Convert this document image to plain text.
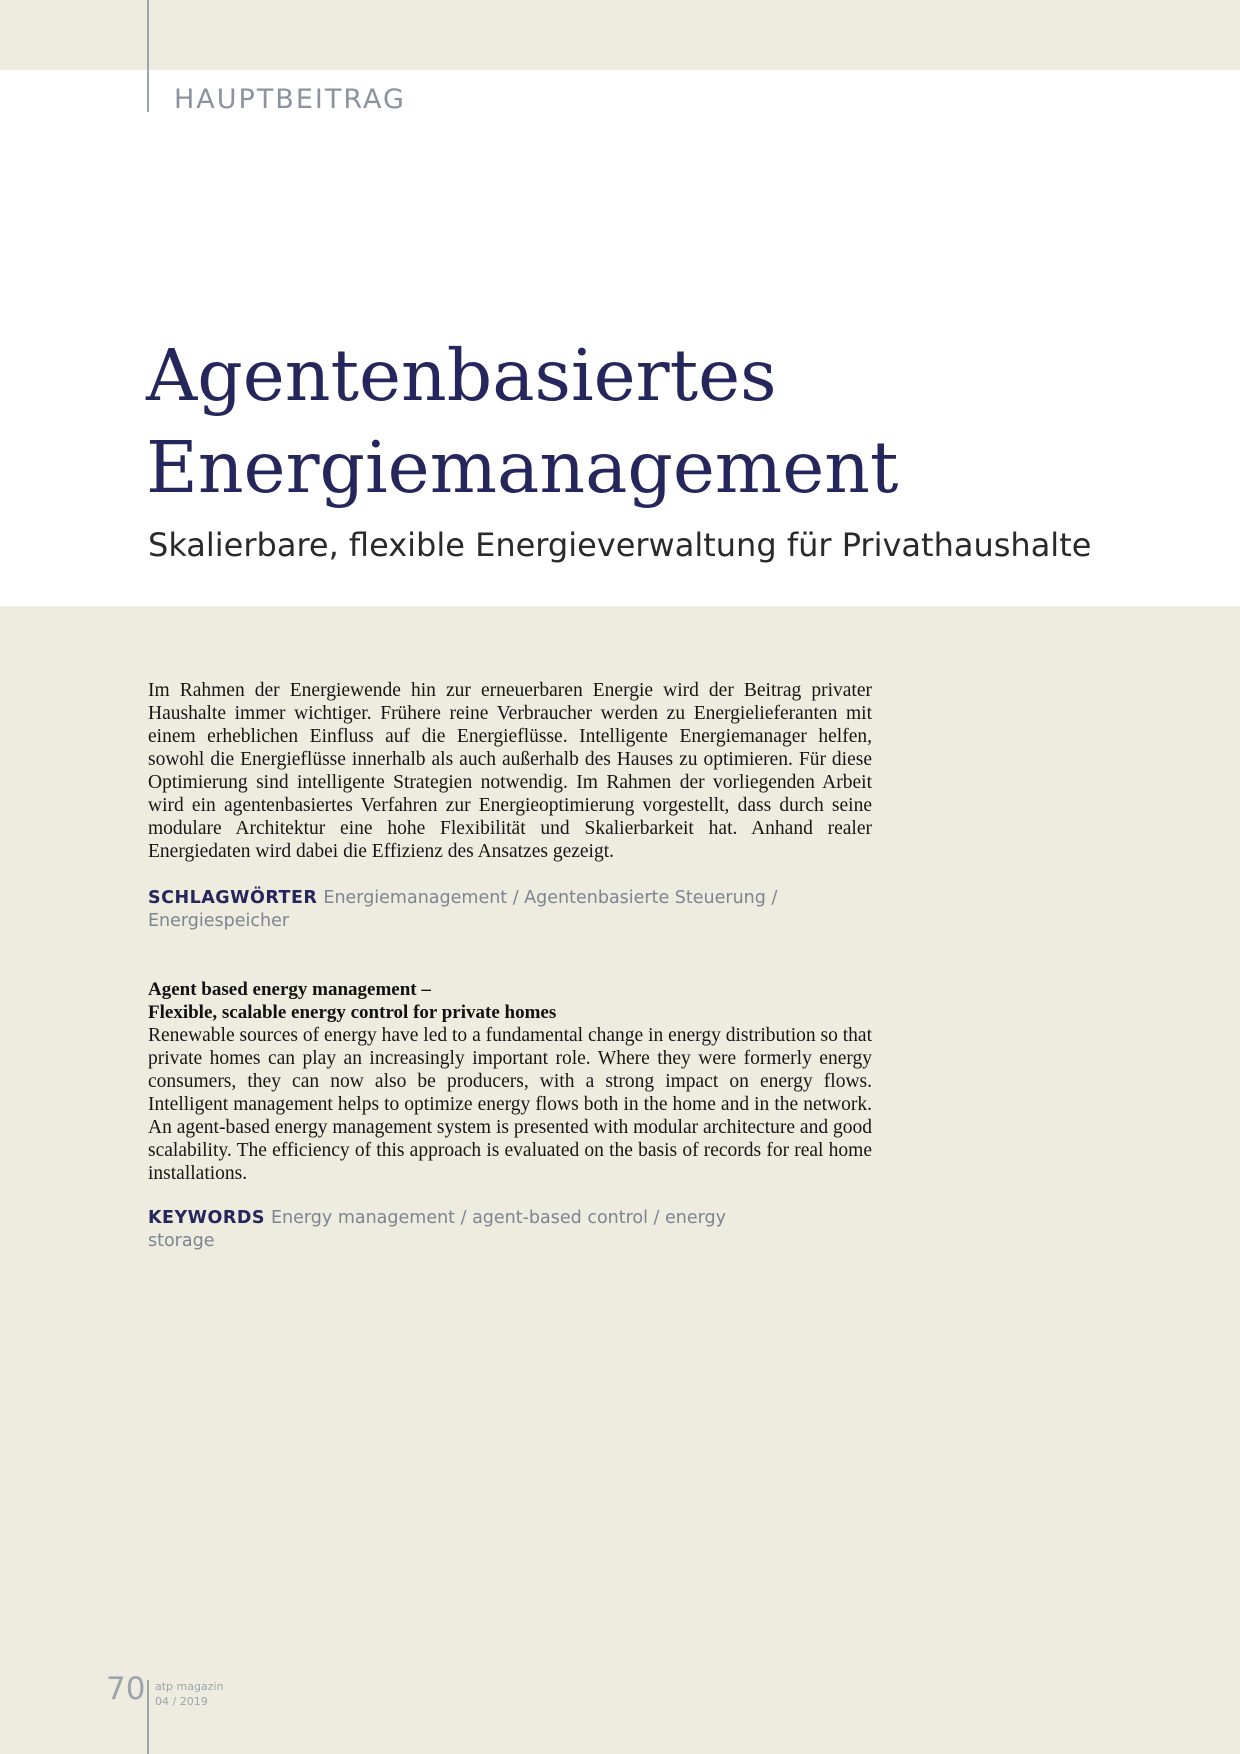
HAUPTBEITRAG
Agentenbasiertes
Energiemanagement
Skalierbare, flexible Energieverwaltung für Privathaushalte

Im Rahmen der Energiewende hin zur erneuerbaren Energie wird der Beitrag privater Haushalte immer wichtiger. Frühere reine Verbraucher werden zu Energielieferanten mit einem erheblichen Einfluss auf die Energieflüsse. Intelligente Energiemanager helfen, sowohl die Energieflüsse innerhalb als auch außerhalb des Hauses zu optimieren. Für diese Optimierung sind intelligente Strategien notwendig. Im Rahmen der vorliegenden Arbeit wird ein agentenbasiertes Verfahren zur Energieoptimierung vorgestellt, dass durch seine modulare Architektur eine hohe Flexibilität und Skalierbarkeit hat. Anhand realer Energiedaten wird dabei die Effizienz des Ansatzes gezeigt.

SCHLAGWÖRTER Energiemanagement / Agentenbasierte Steuerung / Energiespeicher

Agent based energy management –
Flexible, scalable energy control for private homes

Renewable sources of energy have led to a fundamental change in energy distribution so that private homes can play an increasingly important role. Where they were formerly energy consumers, they can now also be producers, with a strong impact on energy flows. Intelligent management helps to optimize energy flows both in the home and in the network. An agent-based energy management system is presented with modular architecture and good scalability. The efficiency of this approach is evaluated on the basis of records for real home installations.

KEYWORDS Energy management / agent-based control / energy storage

70 atp magazin
04 / 2019
